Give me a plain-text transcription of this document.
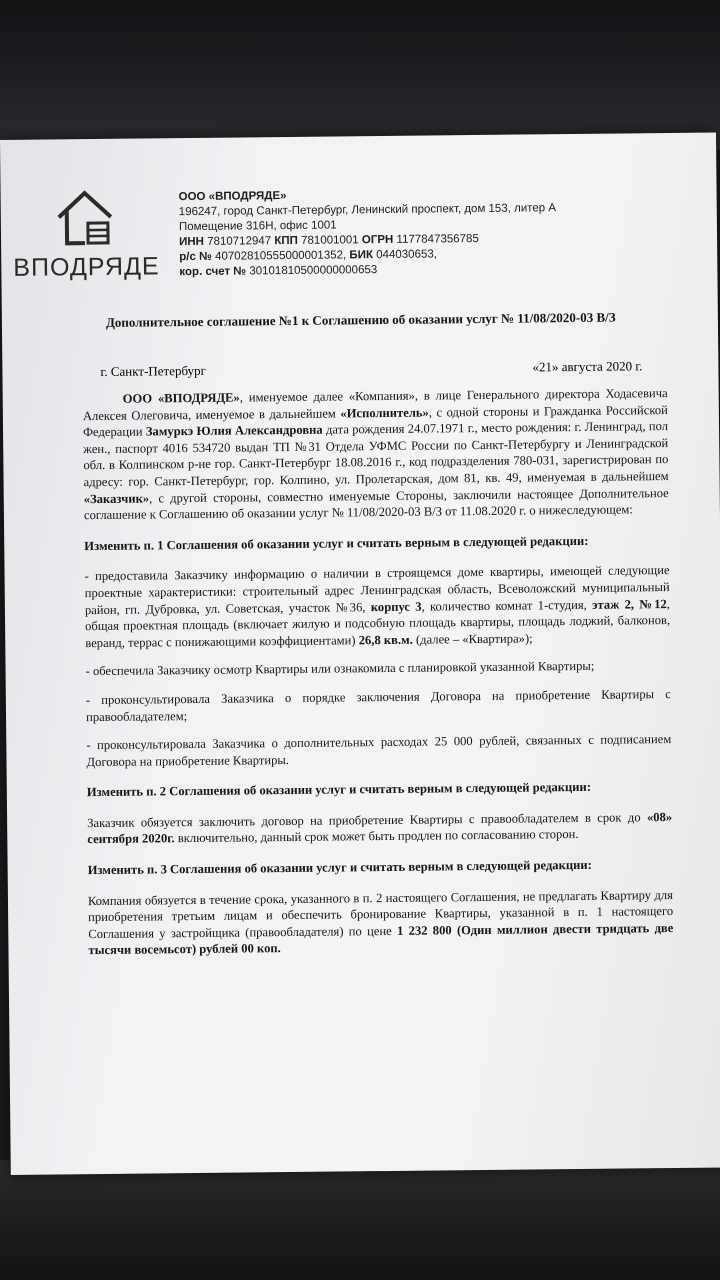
ВПОДРЯДЕ
ООО «ВПОДРЯДЕ»
196247, город Санкт-Петербург, Ленинский проспект, дом 153, литер А
Помещение 316Н, офис 1001
ИНН 7810712947 КПП 781001001 ОГРН 1177847356785
р/с № 40702810555000001352, БИК 044030653,
кор. счет № 30101810500000000653
Дополнительное соглашение №1 к Соглашению об оказании услуг № 11/08/2020-03 В/З
г. Санкт-Петербург	«21» августа 2020 г.

ООО «ВПОДРЯДЕ», именуемое далее «Компания», в лице Генерального директора Ходасевича Алексея Олеговича, именуемое в дальнейшем «Исполнитель», с одной стороны и Гражданка Российской Федерации Замуркэ Юлия Александровна дата рождения 24.07.1971 г., место рождения: г. Ленинград, пол жен., паспорт 4016 534720 выдан ТП №31 Отдела УФМС России по Санкт-Петербургу и Ленинградской обл. в Колпинском р-не гор. Санкт-Петербург 18.08.2016 г., код подразделения 780-031, зарегистрирован по адресу: гор. Санкт-Петербург, гор. Колпино, ул. Пролетарская, дом 81, кв. 49, именуемая в дальнейшем «Заказчик», с другой стороны, совместно именуемые Стороны, заключили настоящее Дополнительное соглашение к Соглашению об оказании услуг № 11/08/2020-03 В/З от 11.08.2020 г. о нижеследующем:

Изменить п. 1 Соглашения об оказании услуг и считать верным в следующей редакции:

- предоставила Заказчику информацию о наличии в строящемся доме квартиры, имеющей следующие проектные характеристики: строительный адрес Ленинградская область, Всеволожский муниципальный район, гп. Дубровка, ул. Советская, участок №36, корпус 3, количество комнат 1-студия, этаж 2, №12, общая проектная площадь (включает жилую и подсобную площадь квартиры, площадь лоджий, балконов, веранд, террас с понижающими коэффициентами) 26,8 кв.м. (далее – «Квартира»);

- обеспечила Заказчику осмотр Квартиры или ознакомила с планировкой указанной Квартиры;

- проконсультировала Заказчика о порядке заключения Договора на приобретение Квартиры с правообладателем;

- проконсультировала Заказчика о дополнительных расходах 25 000 рублей, связанных с подписанием Договора на приобретение Квартиры.

Изменить п. 2 Соглашения об оказании услуг и считать верным в следующей редакции:

Заказчик обязуется заключить договор на приобретение Квартиры с правообладателем в срок до «08» сентября 2020г. включительно, данный срок может быть продлен по согласованию сторон.

Изменить п. 3 Соглашения об оказании услуг и считать верным в следующей редакции:

Компания обязуется в течение срока, указанного в п. 2 настоящего Соглашения, не предлагать Квартиру для приобретения третьим лицам и обеспечить бронирование Квартиры, указанной в п. 1 настоящего Соглашения у застройщика (правообладателя) по цене 1 232 800 (Один миллион двести тридцать две тысячи восемьсот) рублей 00 коп.
